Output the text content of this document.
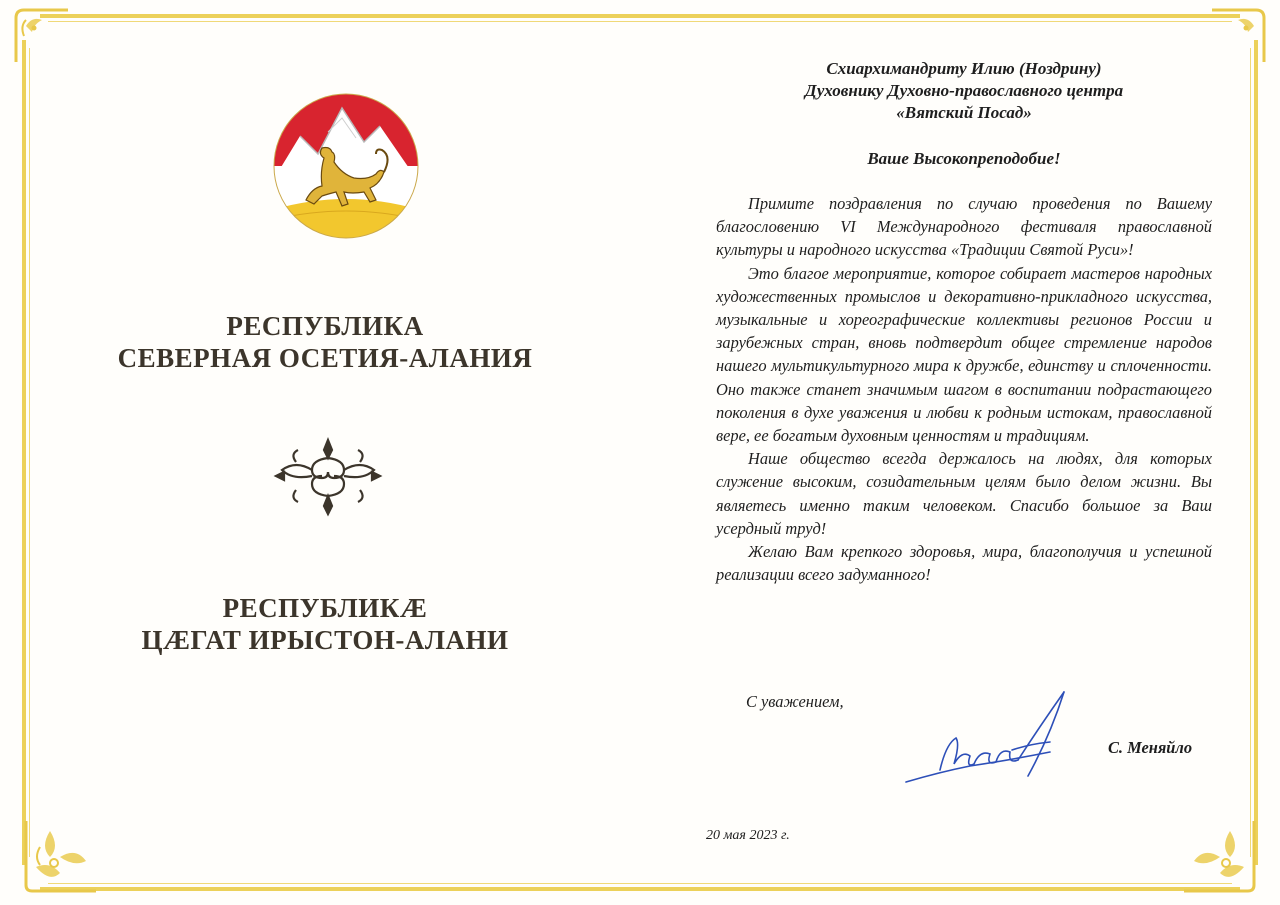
РЕСПУБЛИКА
СЕВЕРНАЯ ОСЕТИЯ-АЛАНИЯ
РЕСПУБЛИКÆ
ЦÆГАТ ИРЫСТОН-АЛАНИ
Схиархимандриту Илию (Ноздрину)
Духовнику Духовно-православного центра
«Вятский Посад»
Ваше Высокопреподобие!

Примите поздравления по случаю проведения по Вашему благословению VI Международного фестиваля православной культуры и народного искусства «Традиции Святой Руси»!

Это благое мероприятие, которое собирает мастеров народных художественных промыслов и декоративно-прикладного искусства, музыкальные и хореографические коллективы регионов России и зарубежных стран, вновь подтвердит общее стремление народов нашего мультикультурного мира к дружбе, единству и сплоченности. Оно также станет значимым шагом в воспитании подрастающего поколения в духе уважения и любви к родным истокам, православной вере, ее богатым духовным ценностям и традициям.

Наше общество всегда держалось на людях, для которых служение высоким, созидательным целям было делом жизни. Вы являетесь именно таким человеком. Спасибо большое за Ваш усердный труд!

Желаю Вам крепкого здоровья, мира, благополучия и успешной реализации всего задуманного!

С уважением,
С. Меняйло
20 мая 2023 г.
